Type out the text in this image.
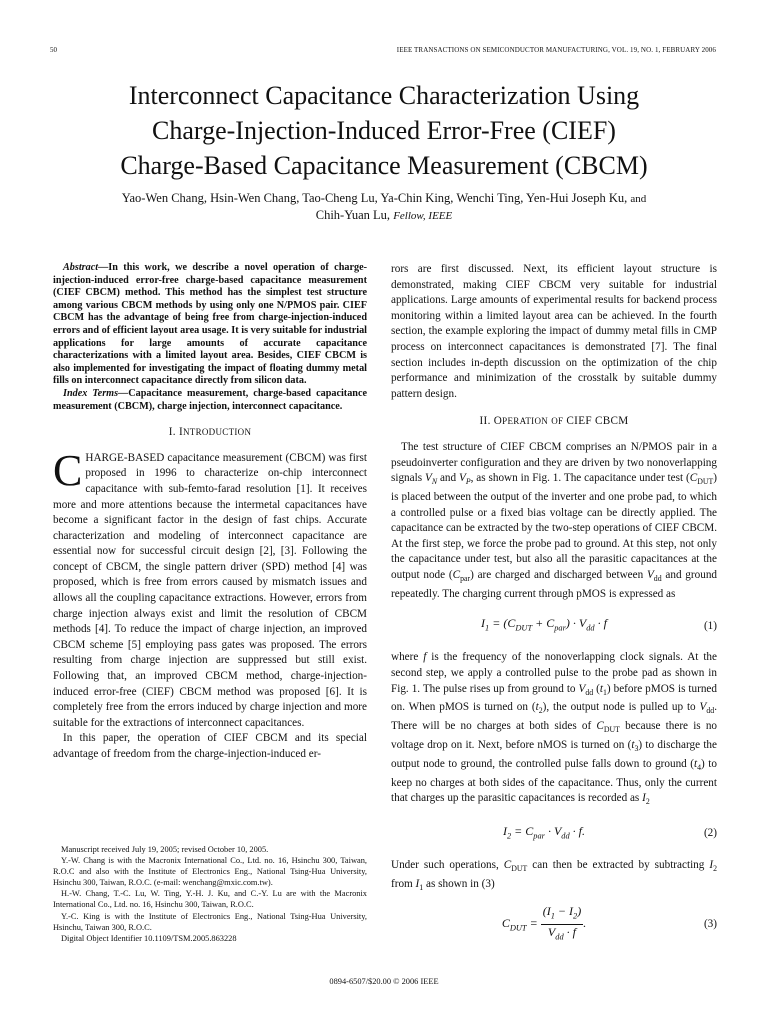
50	IEEE TRANSACTIONS ON SEMICONDUCTOR MANUFACTURING, VOL. 19, NO. 1, FEBRUARY 2006
Interconnect Capacitance Characterization Using
Charge-Injection-Induced Error-Free (CIEF)
Charge-Based Capacitance Measurement (CBCM)
Yao-Wen Chang, Hsin-Wen Chang, Tao-Cheng Lu, Ya-Chin King, Wenchi Ting, Yen-Hui Joseph Ku, and
Chih-Yuan Lu, Fellow, IEEE

Abstract—In this work, we describe a novel operation of charge-injection-induced error-free charge-based capacitance measurement (CIEF CBCM) method. This method has the simplest test structure among various CBCM methods by using only one N/PMOS pair. CIEF CBCM has the advantage of being free from charge-injection-induced errors and of efficient layout area usage. It is very suitable for industrial applications for large amounts of accurate capacitance characterizations with a limited layout area. Besides, CIEF CBCM is also implemented for investigating the impact of floating dummy metal fills on interconnect capacitance directly from silicon data.

Index Terms—Capacitance measurement, charge-based capacitance measurement (CBCM), charge injection, interconnect capacitance.

I. INTRODUCTION

CHARGE-BASED capacitance measurement (CBCM) was first proposed in 1996 to characterize on-chip interconnect capacitance with sub-femto-farad resolution [1]. It receives more and more attentions because the intermetal capacitances have become a significant factor in the design of fast chips. Accurate characterization and modeling of interconnect capacitance are essential now for successful circuit design [2], [3]. Following the concept of CBCM, the single pattern driver (SPD) method [4] was proposed, which is free from errors caused by mismatch issues and allows all the coupling capacitance extractions. However, errors from charge injection always exist and limit the resolution of CBCM methods [4]. To reduce the impact of charge injection, an improved CBCM scheme [5] employing pass gates was proposed. The errors resulting from charge injection are suppressed but still exist. Following that, an improved CBCM method, charge-injection-induced error-free (CIEF) CBCM method was proposed [6]. It is completely free from the errors induced by charge injection and more suitable for the extractions of interconnect capacitances.

In this paper, the operation of CIEF CBCM and its special advantage of freedom from the charge-injection-induced er-

rors are first discussed. Next, its efficient layout structure is demonstrated, making CIEF CBCM very suitable for industrial applications. Large amounts of experimental results for backend process monitoring within a limited layout area can be achieved. In the fourth section, the example exploring the impact of dummy metal fills in CMP process on interconnect capacitances is demonstrated [7]. The final section includes in-depth discussion on the optimization of the chip performance and minimization of the crosstalk by suitable dummy pattern design.

II. OPERATION OF CIEF CBCM

The test structure of CIEF CBCM comprises an N/PMOS pair in a pseudoinverter configuration and they are driven by two nonoverlapping signals $V_N$ and $V_P$, as shown in Fig. 1. The capacitance under test $(C_{DUT})$ is placed between the output of the inverter and one probe pad, to which a controlled pulse or a fixed bias voltage can be directly applied. The capacitance can be extracted by the two-step operations of CIEF CBCM. At the first step, we force the probe pad to ground. At this step, not only the capacitance under test, but also all the parasitic capacitances at the output node $(C_{par})$ are charged and discharged between $V_{dd}$ and ground repeatedly. The charging current through pMOS is expressed as

$I_1 = (C_{DUT} + C_{par}) \cdot V_{dd} \cdot f$	(1)

where f is the frequency of the nonoverlapping clock signals. At the second step, we apply a controlled pulse to the probe pad as shown in Fig. 1. The pulse rises up from ground to $V_{dd}$ $(t_1)$ before pMOS is turned on. When pMOS is turned on $(t_2)$, the output node is pulled up to $V_{dd}$. There will be no charges at both sides of $C_{DUT}$ because there is no voltage drop on it. Next, before nMOS is turned on $(t_3)$ to discharge the output node to ground, the controlled pulse falls down to ground $(t_4)$ to keep no charges at both sides of the capacitance. Thus, only the current that charges up the parasitic capacitances is recorded as $I_2$

$I_2 = C_{par} \cdot V_{dd} \cdot f$.	(2)

Under such operations, $C_{DUT}$ can then be extracted by subtracting $I_2$ from $I_1$ as shown in (3)

$C_{DUT} = \frac{(I_1 - I_2)}{V_{dd} \cdot f}$ .	(3)

Manuscript received July 19, 2005; revised October 10, 2005.

Y.-W. Chang is with the Macronix International Co., Ltd. no. 16, Hsinchu 300, Taiwan, R.O.C and also with the Institute of Electronics Eng., National Tsing-Hua University, Hsinchu 300, Taiwan, R.O.C. (e-mail: wenchang@mxic.com.tw).

H.-W. Chang, T.-C. Lu, W. Ting, Y.-H. J. Ku, and C.-Y. Lu are with the Macronix International Co., Ltd. no. 16, Hsinchu 300, Taiwan, R.O.C.

Y.-C. King is with the Institute of Electronics Eng., National Tsing-Hua University, Hsinchu, Taiwan 300, R.O.C.

Digital Object Identifier 10.1109/TSM.2005.863228

0894-6507/$20.00 © 2006 IEEE
